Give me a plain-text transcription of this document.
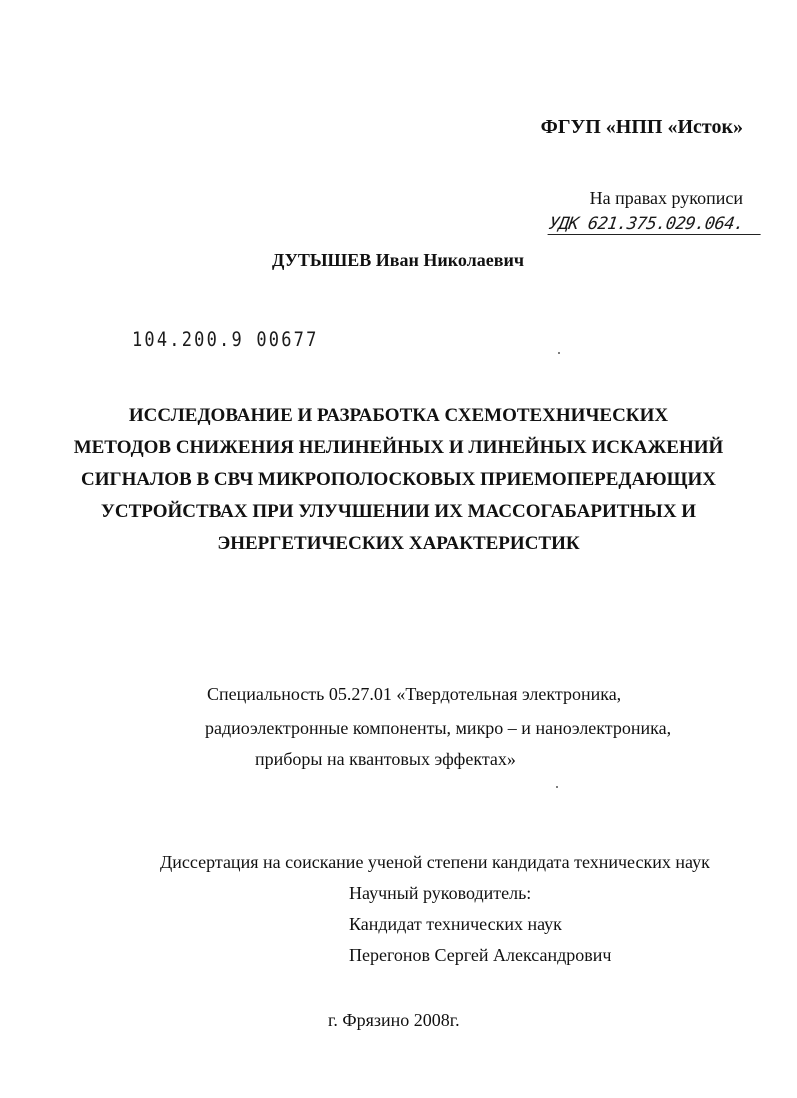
ФГУП «НПП «Исток»
На правах рукописи
УДК 621.375.029.064.
ДУТЫШЕВ Иван Николаевич
104.200.9 00677
ИССЛЕДОВАНИЕ И РАЗРАБОТКА СХЕМОТЕХНИЧЕСКИХ
МЕТОДОВ СНИЖЕНИЯ НЕЛИНЕЙНЫХ И ЛИНЕЙНЫХ ИСКАЖЕНИЙ
СИГНАЛОВ В СВЧ МИКРОПОЛОСКОВЫХ ПРИЕМОПЕРЕДАЮЩИХ
УСТРОЙСТВАХ ПРИ УЛУЧШЕНИИ ИХ МАССОГАБАРИТНЫХ И
ЭНЕРГЕТИЧЕСКИХ ХАРАКТЕРИСТИК
Специальность 05.27.01 «Твердотельная электроника,
радиоэлектронные компоненты, микро – и наноэлектроника,
приборы на квантовых эффектах»
Диссертация на соискание ученой степени кандидата технических наук
Научный руководитель:
Кандидат технических наук
Перегонов Сергей Александрович
г. Фрязино 2008г.
